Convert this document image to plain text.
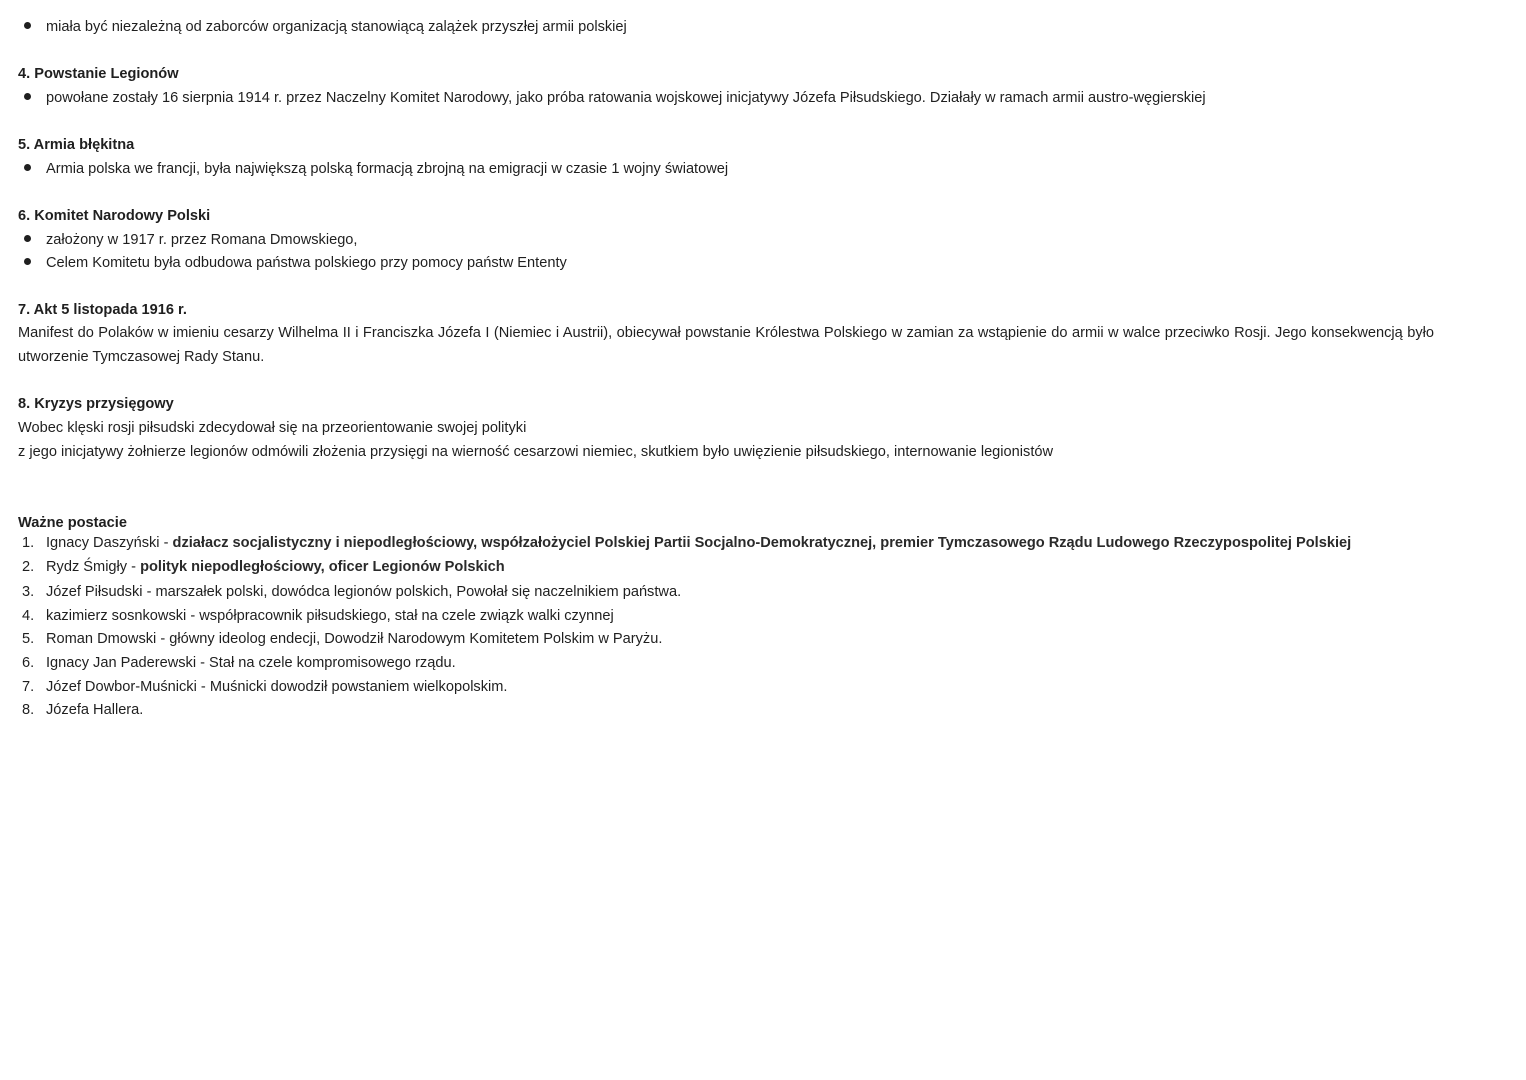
miała być niezależną od zaborców organizacją stanowiącą zalążek przyszłej armii polskiej
4. Powstanie Legionów
powołane zostały 16 sierpnia 1914 r. przez Naczelny Komitet Narodowy, jako próba ratowania wojskowej inicjatywy Józefa Piłsudskiego. Działały w ramach armii austro-węgierskiej
5. Armia błękitna
Armia polska we francji, była największą polską formacją zbrojną na emigracji w czasie 1 wojny światowej
6. Komitet Narodowy Polski
założony w 1917 r. przez Romana Dmowskiego,
Celem Komitetu była odbudowa państwa polskiego przy pomocy państw Ententy
7. Akt 5 listopada 1916 r.
Manifest do Polaków w imieniu cesarzy Wilhelma II i Franciszka Józefa I (Niemiec i Austrii), obiecywał powstanie Królestwa Polskiego w zamian za wstąpienie do armii w walce przeciwko Rosji. Jego konsekwencją było utworzenie Tymczasowej Rady Stanu.
8. Kryzys przysięgowy
Wobec klęski rosji piłsudski zdecydował się na przeorientowanie swojej polityki
z jego inicjatywy żołnierze legionów odmówili złożenia przysięgi na wierność cesarzowi niemiec, skutkiem było uwięzienie piłsudskiego, internowanie legionistów
Ważne postacie
1. Ignacy Daszyński - działacz socjalistyczny i niepodległościowy, współzałożyciel Polskiej Partii Socjalno-Demokratycznej, premier Tymczasowego Rządu Ludowego Rzeczypospolitej Polskiej
2. Rydz Śmigły - polityk niepodległościowy, oficer Legionów Polskich
3. Józef Piłsudski - marszałek polski, dowódca legionów polskich, Powołał się naczelnikiem państwa.
4. kazimierz sosnkowski - współpracownik piłsudskiego, stał na czele związk walki czynnej
5. Roman Dmowski - główny ideolog endecji, Dowodził Narodowym Komitetem Polskim w Paryżu.
6. Ignacy Jan Paderewski - Stał na czele kompromisowego rządu.
7. Józef Dowbor-Muśnicki - Muśnicki dowodził powstaniem wielkopolskim.
8. Józefa Hallera.
